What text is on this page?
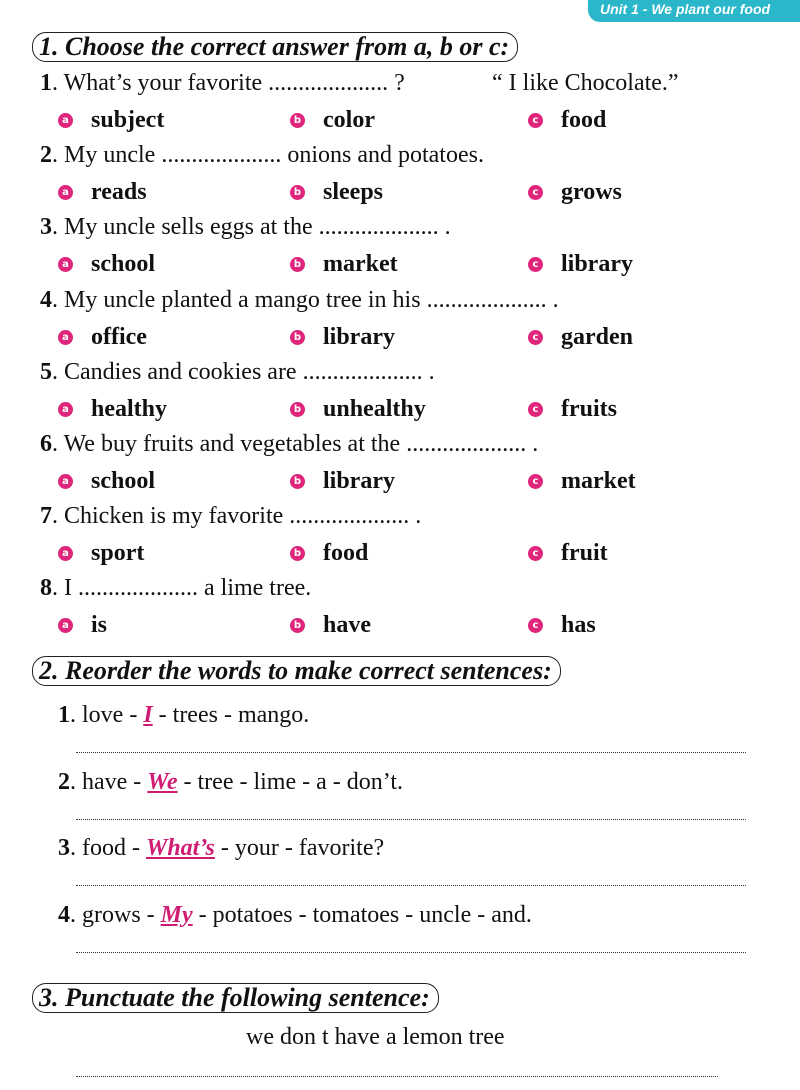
Unit 1 - We plant our food
1. Choose the correct answer from a, b or c:
1. What’s your favorite .................... ?	“ I like Chocolate.”
a subject	b color	c food
2. My uncle .................... onions and potatoes.
a reads	b sleeps	c grows
3. My uncle sells eggs at the .................... .
a school	b market	c library
4. My uncle planted a mango tree in his .................... .
a office	b library	c garden
5. Candies and cookies are .................... .
a healthy	b unhealthy	c fruits
6. We buy fruits and vegetables at the .................... .
a school	b library	c market
7. Chicken is my favorite .................... .
a sport	b food	c fruit
8. I .................... a lime tree.
a is	b have	c has
2. Reorder the words to make correct sentences:
1. love - I - trees - mango.
2. have - We - tree - lime - a - don’t.
3. food - What’s - your - favorite?
4. grows - My - potatoes - tomatoes - uncle - and.
3. Punctuate the following sentence:
we don t have a lemon tree
